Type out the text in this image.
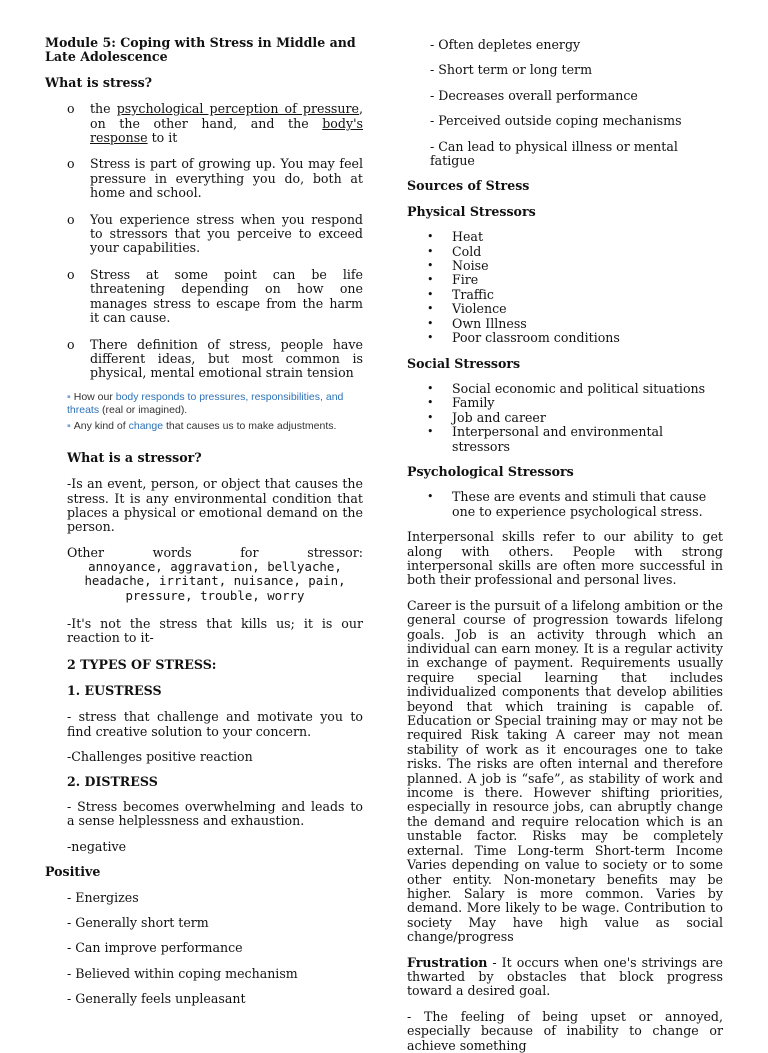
Module 5: Coping with Stress in Middle and Late Adolescence

What is stress?

o	the psychological perception of pressure, on the other hand, and the body's response to it
o	Stress is part of growing up. You may feel pressure in everything you do, both at home and school.
o	You experience stress when you respond to stressors that you perceive to exceed your capabilities.
o	Stress at some point can be life threatening depending on how one manages stress to escape from the harm it can cause.
o	There definition of stress, people have different ideas, but most common is physical, mental emotional strain tension

▪ How our body responds to pressures, responsibilities, and threats (real or imagined).

▪ Any kind of change that causes us to make adjustments.

What is a stressor?

-Is an event, person, or object that causes the stress. It is any environmental condition that places a physical or emotional demand on the person.

Other words for stressor:

annoyance, aggravation, bellyache, headache, irritant, nuisance, pain, pressure, trouble, worry

-It's not the stress that kills us; it is our reaction to it-

2 TYPES OF STRESS:

1. EUSTRESS

- stress that challenge and motivate you to find creative solution to your concern.

-Challenges positive reaction

2. DISTRESS

- Stress becomes overwhelming and leads to a sense helplessness and exhaustion.

-negative

Positive

- Energizes

- Generally short term

- Can improve performance

- Believed within coping mechanism

- Generally feels unpleasant

- Often depletes energy

- Short term or long term

- Decreases overall performance

- Perceived outside coping mechanisms

- Can lead to physical illness or mental fatigue

Sources of Stress

Physical Stressors

•	Heat
•	Cold
•	Noise
•	Fire
•	Traffic
•	Violence
•	Own Illness
•	Poor classroom conditions

Social Stressors

•	Social economic and political situations
•	Family
•	Job and career
•	Interpersonal and environmental stressors

Psychological Stressors

•	These are events and stimuli that cause one to experience psychological stress.

Interpersonal skills refer to our ability to get along with others. People with strong interpersonal skills are often more successful in both their professional and personal lives.

Career is the pursuit of a lifelong ambition or the general course of progression towards lifelong goals. Job is an activity through which an individual can earn money. It is a regular activity in exchange of payment. Requirements usually require special learning that includes individualized components that develop abilities beyond that which training is capable of. Education or Special training may or may not be required Risk taking A career may not mean stability of work as it encourages one to take risks. The risks are often internal and therefore planned. A job is “safe”, as stability of work and income is there. However shifting priorities, especially in resource jobs, can abruptly change the demand and require relocation which is an unstable factor. Risks may be completely external. Time Long-term Short-term Income Varies depending on value to society or to some other entity. Non-monetary benefits may be higher. Salary is more common. Varies by demand. More likely to be wage. Contribution to society May have high value as social change/progress

Frustration - It occurs when one's strivings are thwarted by obstacles that block progress toward a desired goal.

- The feeling of being upset or annoyed, especially because of inability to change or achieve something
